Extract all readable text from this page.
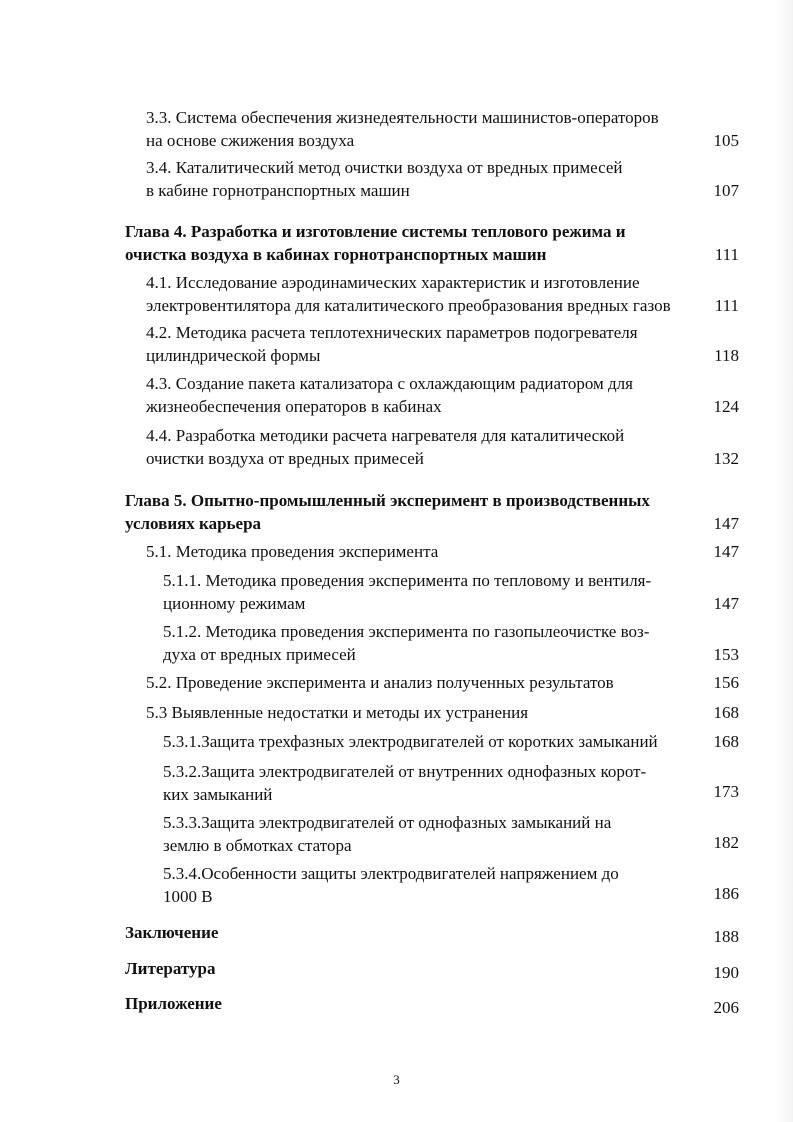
3.3. Система обеспечения жизнедеятельности машинистов-операторов
на основе сжижения воздуха	105
3.4. Каталитический метод очистки воздуха от вредных примесей
в кабине горнотранспортных машин	107
Глава 4. Разработка и изготовление системы теплового режима и
очистка воздуха в кабинах горнотранспортных машин	111
4.1. Исследование аэродинамических характеристик и изготовление
электровентилятора для каталитического преобразования вредных газов	111
4.2. Методика расчета теплотехнических параметров подогревателя
цилиндрической формы	118
4.3. Создание пакета катализатора с охлаждающим радиатором для
жизнеобеспечения операторов в кабинах	124
4.4. Разработка методики расчета нагревателя для каталитической
очистки воздуха от вредных примесей	132
Глава 5. Опытно-промышленный эксперимент в производственных
условиях карьера	147
5.1. Методика проведения эксперимента	147
5.1.1. Методика проведения эксперимента по тепловому и вентиля-
ционному режимам	147
5.1.2. Методика проведения эксперимента по газопылеочистке воз-
духа от вредных примесей	153
5.2. Проведение эксперимента и анализ полученных результатов	156
5.3 Выявленные недостатки и методы их устранения	168
5.3.1.Защита трехфазных электродвигателей от коротких замыканий	168
5.3.2.Защита электродвигателей от внутренних однофазных корот-
ких замыканий	173
5.3.3.Защита электродвигателей от однофазных замыканий на
землю в обмотках статора	182
5.3.4.Особенности защиты электродвигателей напряжением до
1000 В	186
Заключение	188
Литература	190
Приложение	206
3
